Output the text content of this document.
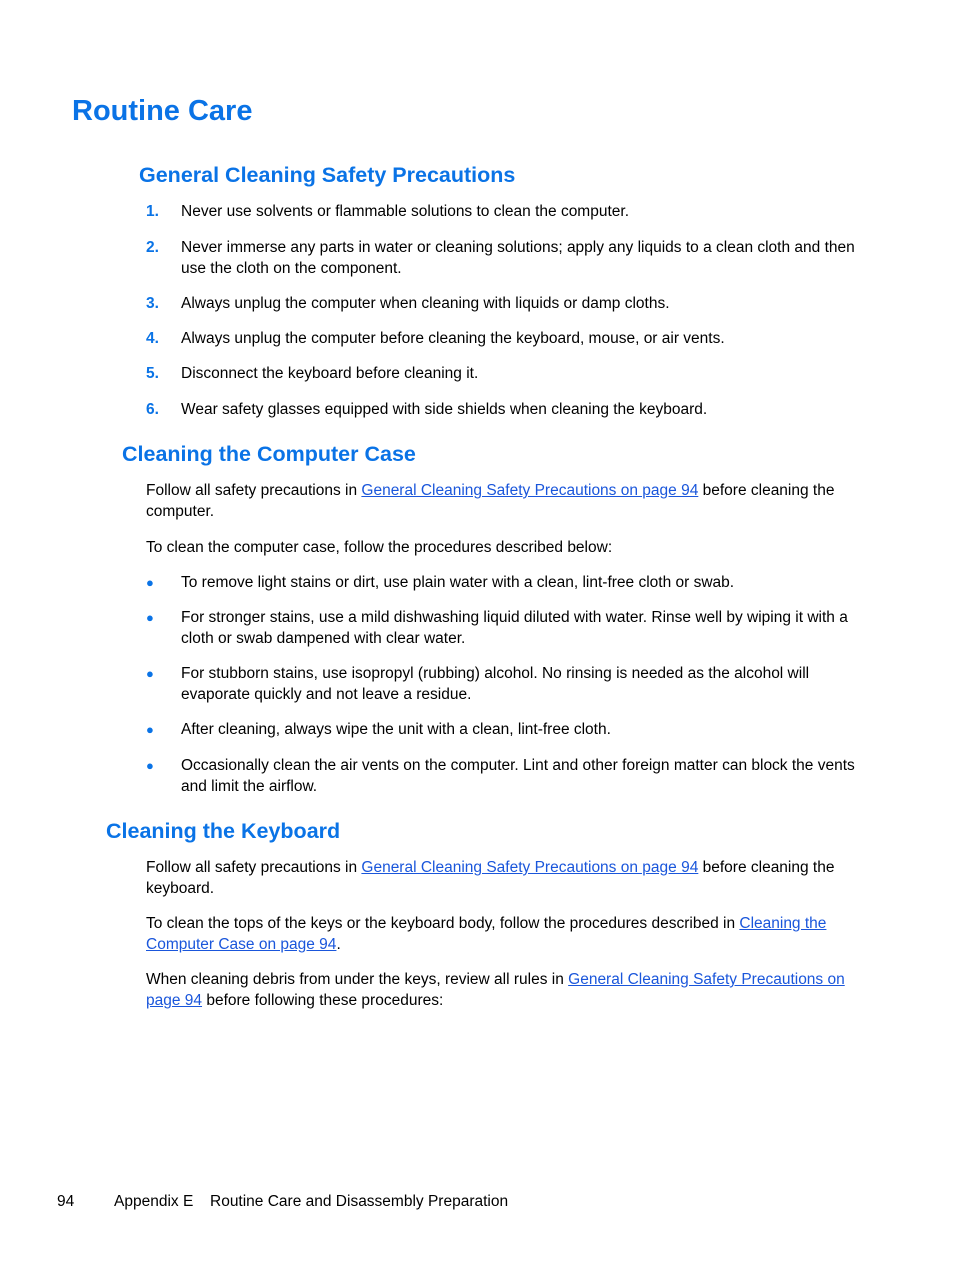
Routine Care
General Cleaning Safety Precautions
1.	Never use solvents or flammable solutions to clean the computer.
2.	Never immerse any parts in water or cleaning solutions; apply any liquids to a clean cloth and then use the cloth on the component.
3.	Always unplug the computer when cleaning with liquids or damp cloths.
4.	Always unplug the computer before cleaning the keyboard, mouse, or air vents.
5.	Disconnect the keyboard before cleaning it.
6.	Wear safety glasses equipped with side shields when cleaning the keyboard.
Cleaning the Computer Case

Follow all safety precautions in General Cleaning Safety Precautions on page 94 before cleaning the computer.

To clean the computer case, follow the procedures described below:

●	To remove light stains or dirt, use plain water with a clean, lint-free cloth or swab.
●	For stronger stains, use a mild dishwashing liquid diluted with water. Rinse well by wiping it with a cloth or swab dampened with clear water.
●	For stubborn stains, use isopropyl (rubbing) alcohol. No rinsing is needed as the alcohol will evaporate quickly and not leave a residue.
●	After cleaning, always wipe the unit with a clean, lint-free cloth.
●	Occasionally clean the air vents on the computer. Lint and other foreign matter can block the vents and limit the airflow.
Cleaning the Keyboard

Follow all safety precautions in General Cleaning Safety Precautions on page 94 before cleaning the keyboard.

To clean the tops of the keys or the keyboard body, follow the procedures described in Cleaning the Computer Case on page 94.

When cleaning debris from under the keys, review all rules in General Cleaning Safety Precautions on page 94 before following these procedures:

94	Appendix E Routine Care and Disassembly Preparation
